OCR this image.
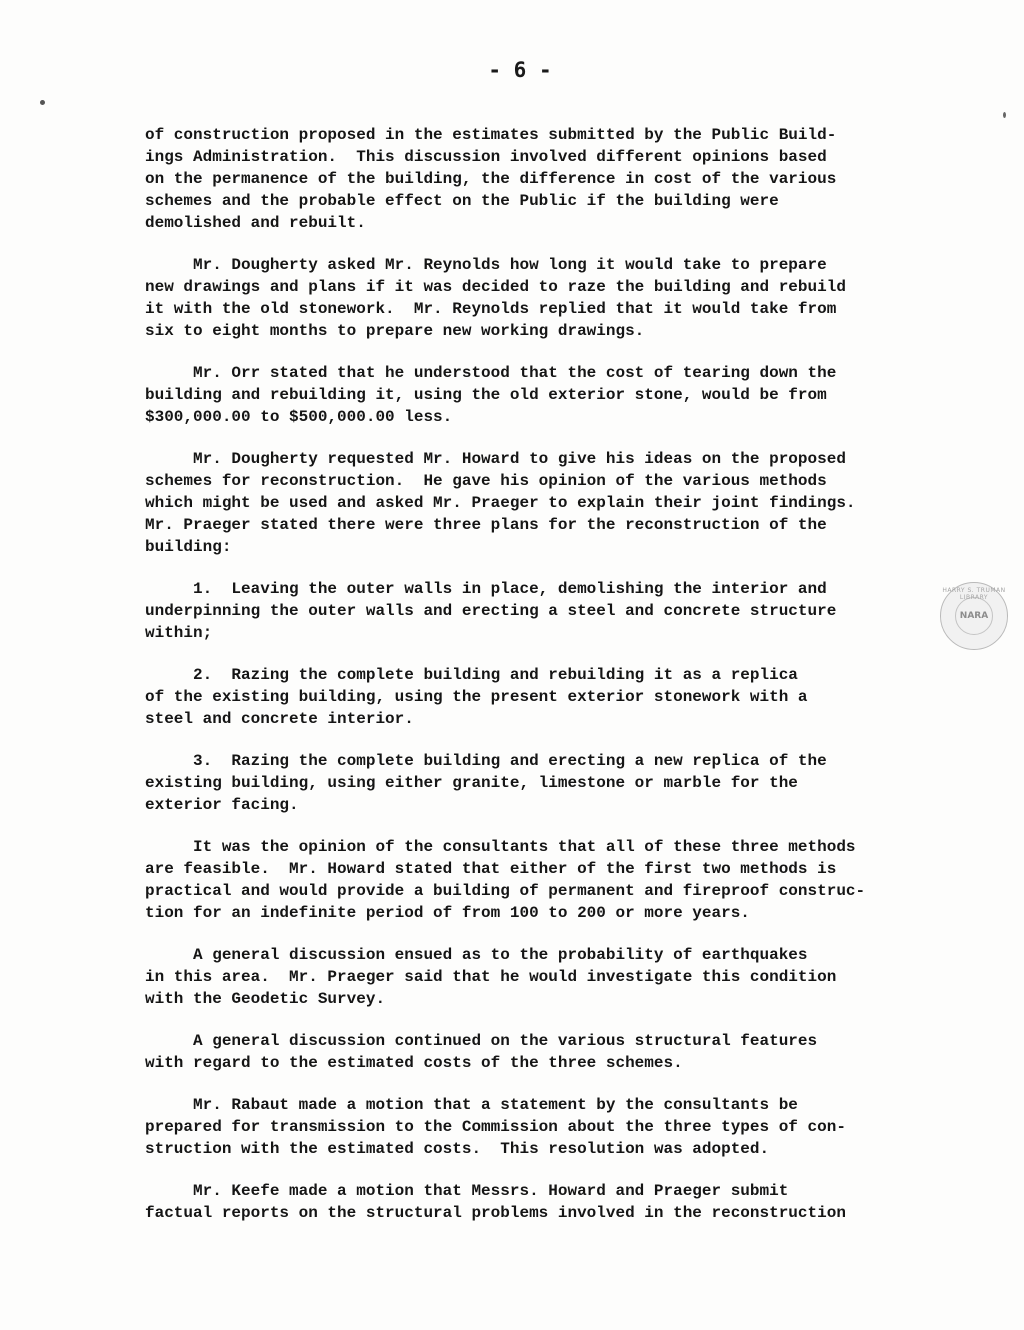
- 6 -
of construction proposed in the estimates submitted by the Public Build-
ings Administration.  This discussion involved different opinions based
on the permanence of the building, the difference in cost of the various
schemes and the probable effect on the Public if the building were
demolished and rebuilt.
Mr. Dougherty asked Mr. Reynolds how long it would take to prepare
new drawings and plans if it was decided to raze the building and rebuild
it with the old stonework.  Mr. Reynolds replied that it would take from
six to eight months to prepare new working drawings.
Mr. Orr stated that he understood that the cost of tearing down the
building and rebuilding it, using the old exterior stone, would be from
$300,000.00 to $500,000.00 less.
Mr. Dougherty requested Mr. Howard to give his ideas on the proposed
schemes for reconstruction.  He gave his opinion of the various methods
which might be used and asked Mr. Praeger to explain their joint findings.
Mr. Praeger stated there were three plans for the reconstruction of the
building:
1.  Leaving the outer walls in place, demolishing the interior and
underpinning the outer walls and erecting a steel and concrete structure
within;
2.  Razing the complete building and rebuilding it as a replica
of the existing building, using the present exterior stonework with a
steel and concrete interior.
3.  Razing the complete building and erecting a new replica of the
existing building, using either granite, limestone or marble for the
exterior facing.
It was the opinion of the consultants that all of these three methods
are feasible.  Mr. Howard stated that either of the first two methods is
practical and would provide a building of permanent and fireproof construc-
tion for an indefinite period of from 100 to 200 or more years.
A general discussion ensued as to the probability of earthquakes
in this area.  Mr. Praeger said that he would investigate this condition
with the Geodetic Survey.
A general discussion continued on the various structural features
with regard to the estimated costs of the three schemes.
Mr. Rabaut made a motion that a statement by the consultants be
prepared for transmission to the Commission about the three types of con-
struction with the estimated costs.  This resolution was adopted.
Mr. Keefe made a motion that Messrs. Howard and Praeger submit
factual reports on the structural problems involved in the reconstruction
HARRY S. TRUMAN LIBRARY
NARA
